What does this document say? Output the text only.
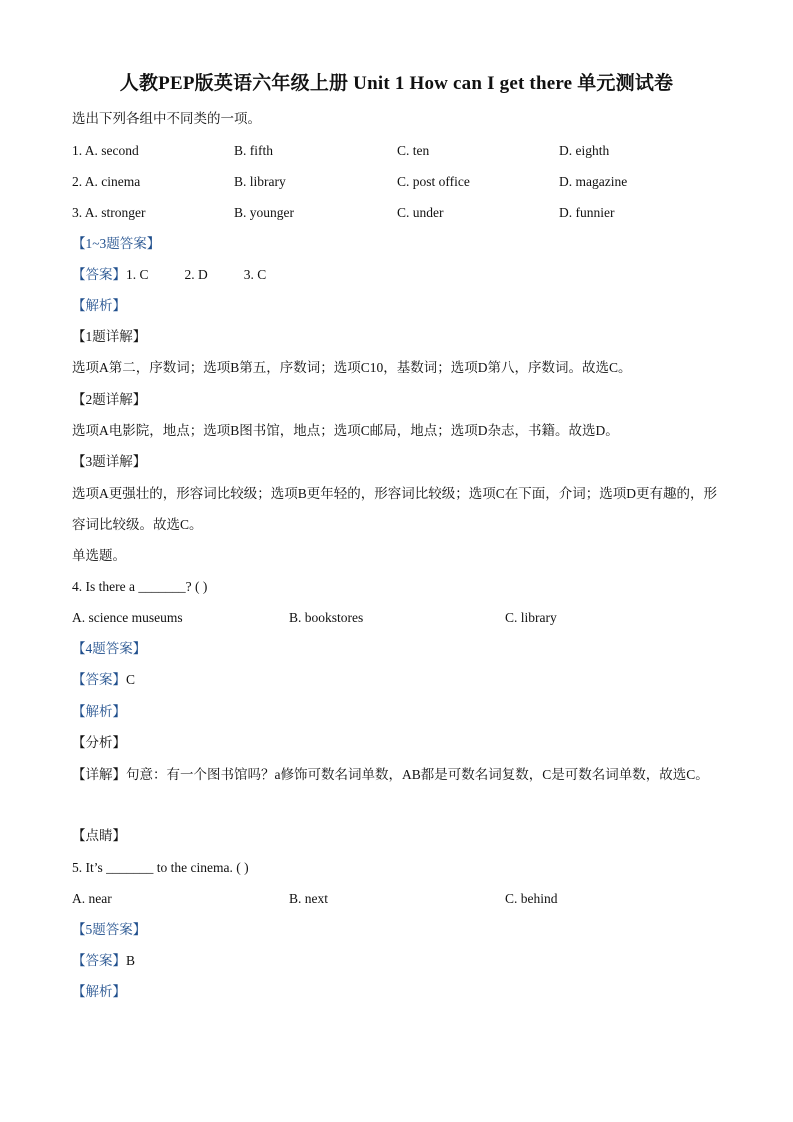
人教PEP版英语六年级上册 Unit 1 How can I get there 单元测试卷
选出下列各组中不同类的一项。
1. A. second	B. fifth	C. ten	D. eighth
2. A. cinema	B. library	C. post office	D. magazine
3. A. stronger	B. younger	C. under	D. funnier
【1~3题答案】
【答案】1. C	2. D	3. C
【解析】
【1题详解】
选项A第二，序数词；选项B第五，序数词；选项C10，基数词；选项D第八，序数词。故选C。
【2题详解】
选项A电影院，地点；选项B图书馆，地点；选项C邮局，地点；选项D杂志，书籍。故选D。
【3题详解】
选项A更强壮的，形容词比较级；选项B更年轻的，形容词比较级；选项C在下面，介词；选项D更有趣的，形容词比较级。故选C。
单选题。
4. Is there a _______? ( )
A. science museums	B. bookstores	C. library
【4题答案】
【答案】C
【解析】
【分析】
【详解】句意：有一个图书馆吗？a修饰可数名词单数，AB都是可数名词复数，C是可数名词单数，故选C。
【点睛】
5. It’s _______ to the cinema. ( )
A. near	B. next	C. behind
【5题答案】
【答案】B
【解析】
